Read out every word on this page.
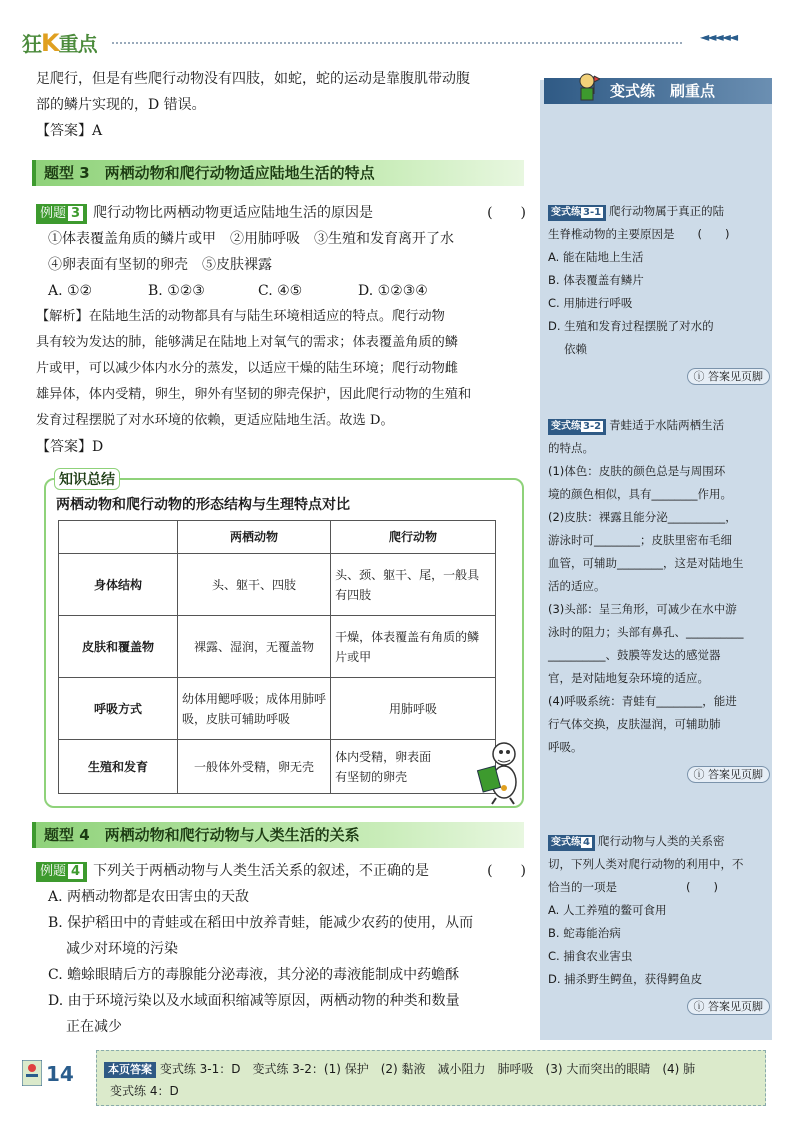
狂K重点	◄◄◄◄◄
足爬行，但是有些爬行动物没有四肢，如蛇，蛇的运动是靠腹肌带动腹
部的鳞片实现的，D 错误。
【答案】A
题型 3　两栖动物和爬行动物适应陆地生活的特点
例题 3 爬行动物比两栖动物更适应陆地生活的原因是	(　　)
①体表覆盖角质的鳞片或甲　②用肺呼吸　③生殖和发育离开了水
④卵表面有坚韧的卵壳　⑤皮肤裸露
A. ①②	B. ①②③	C. ④⑤	D. ①②③④
【解析】在陆地生活的动物都具有与陆生环境相适应的特点。爬行动物
具有较为发达的肺，能够满足在陆地上对氧气的需求；体表覆盖角质的鳞
片或甲，可以减少体内水分的蒸发，以适应干燥的陆生环境；爬行动物雌
雄异体，体内受精，卵生，卵外有坚韧的卵壳保护，因此爬行动物的生殖和
发育过程摆脱了对水环境的依赖，更适应陆地生活。故选 D。
【答案】D
知识总结
两栖动物和爬行动物的形态结构与生理特点对比
	两栖动物	爬行动物
身体结构	头、躯干、四肢	头、颈、躯干、尾，一般具有四肢
皮肤和覆盖物	裸露、湿润，无覆盖物	干燥，体表覆盖有角质的鳞片或甲
呼吸方式	幼体用鳃呼吸；成体用肺呼吸，皮肤可辅助呼吸	用肺呼吸
生殖和发育	一般体外受精，卵无壳	体内受精，卵表面有坚韧的卵壳
题型 4　两栖动物和爬行动物与人类生活的关系
例题 4 下列关于两栖动物与人类生活关系的叙述，不正确的是	(　　)
A. 两栖动物都是农田害虫的天敌
B. 保护稻田中的青蛙或在稻田中放养青蛙，能减少农药的使用，从而
减少对环境的污染
C. 蟾蜍眼睛后方的毒腺能分泌毒液，其分泌的毒液能制成中药蟾酥
D. 由于环境污染以及水域面积缩减等原因，两栖动物的种类和数量
正在减少
变式练　刷重点
变式练 3-1 爬行动物属于真正的陆
生脊椎动物的主要原因是　　(　　)
A. 能在陆地上生活
B. 体表覆盖有鳞片
C. 用肺进行呼吸
D. 生殖和发育过程摆脱了对水的
依赖
ⓘ 答案见页脚
变式练 3-2 青蛙适于水陆两栖生活
的特点。
(1)体色：皮肤的颜色总是与周围环
境的颜色相似，具有________作用。
(2)皮肤：裸露且能分泌__________，
游泳时可________；皮肤里密布毛细
血管，可辅助________，这是对陆地生
活的适应。
(3)头部：呈三角形，可减少在水中游
泳时的阻力；头部有鼻孔、__________
__________、鼓膜等发达的感觉器
官，是对陆地复杂环境的适应。
(4)呼吸系统：青蛙有________，能进
行气体交换，皮肤湿润，可辅助肺
呼吸。
ⓘ 答案见页脚
变式练 4 爬行动物与人类的关系密
切，下列人类对爬行动物的利用中，不
恰当的一项是　　　　　　(　　)
A. 人工养殖的鳖可食用
B. 蛇毒能治病
C. 捕食农业害虫
D. 捕杀野生鳄鱼，获得鳄鱼皮
ⓘ 答案见页脚
14	本页答案 变式练 3-1：D　变式练 3-2：(1) 保护　(2) 黏液　减小阻力　肺呼吸　(3) 大而突出的眼睛　(4) 肺
变式练 4：D
